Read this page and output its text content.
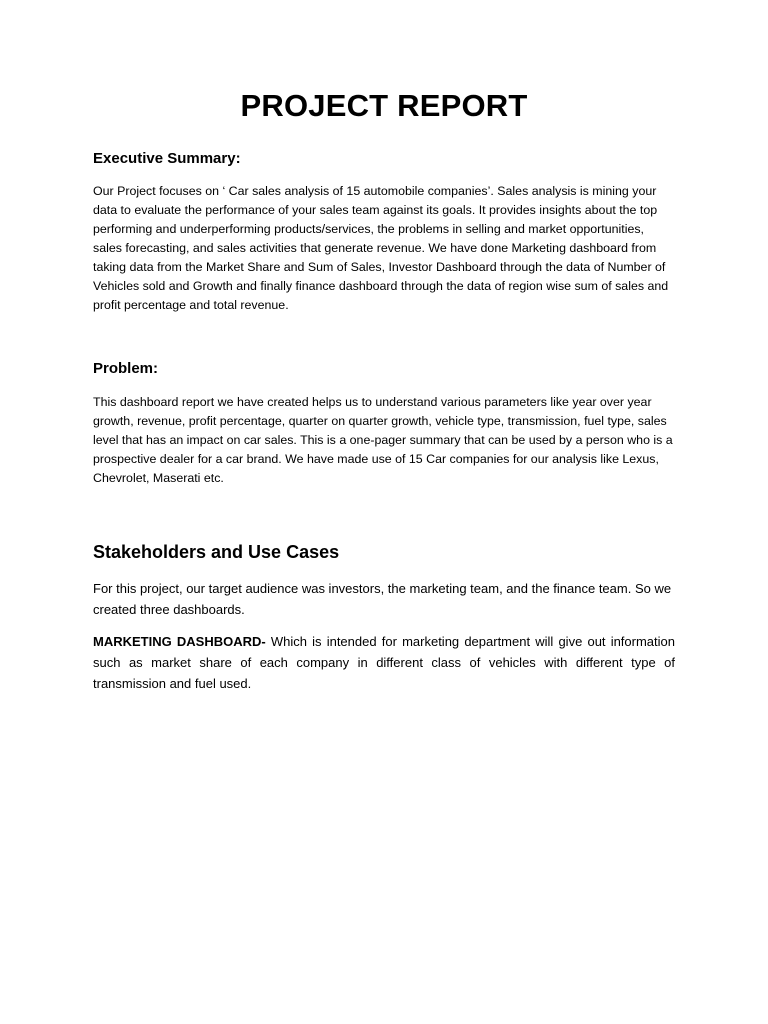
PROJECT REPORT
Executive Summary:

Our Project focuses on ‘ Car sales analysis of 15 automobile companies’. Sales analysis is mining your data to evaluate the performance of your sales team against its goals. It provides insights about the top performing and underperforming products/services, the problems in selling and market opportunities, sales forecasting, and sales activities that generate revenue. We have done Marketing dashboard from taking data from the Market Share and Sum of Sales, Investor Dashboard through the data of Number of Vehicles sold and Growth and finally finance dashboard through the data of region wise sum of sales and profit percentage and total revenue.

Problem:

This dashboard report we have created helps us to understand various parameters like year over year growth, revenue, profit percentage, quarter on quarter growth, vehicle type, transmission, fuel type, sales level that has an impact on car sales. This is a one-pager summary that can be used by a person who is a prospective dealer for a car brand. We have made use of 15 Car companies for our analysis like Lexus, Chevrolet, Maserati etc.

Stakeholders and Use Cases

For this project, our target audience was investors, the marketing team, and the finance team. So we created three dashboards.

MARKETING DASHBOARD- Which is intended for marketing department will give out information such as market share of each company in different class of vehicles with different type of transmission and fuel used.
